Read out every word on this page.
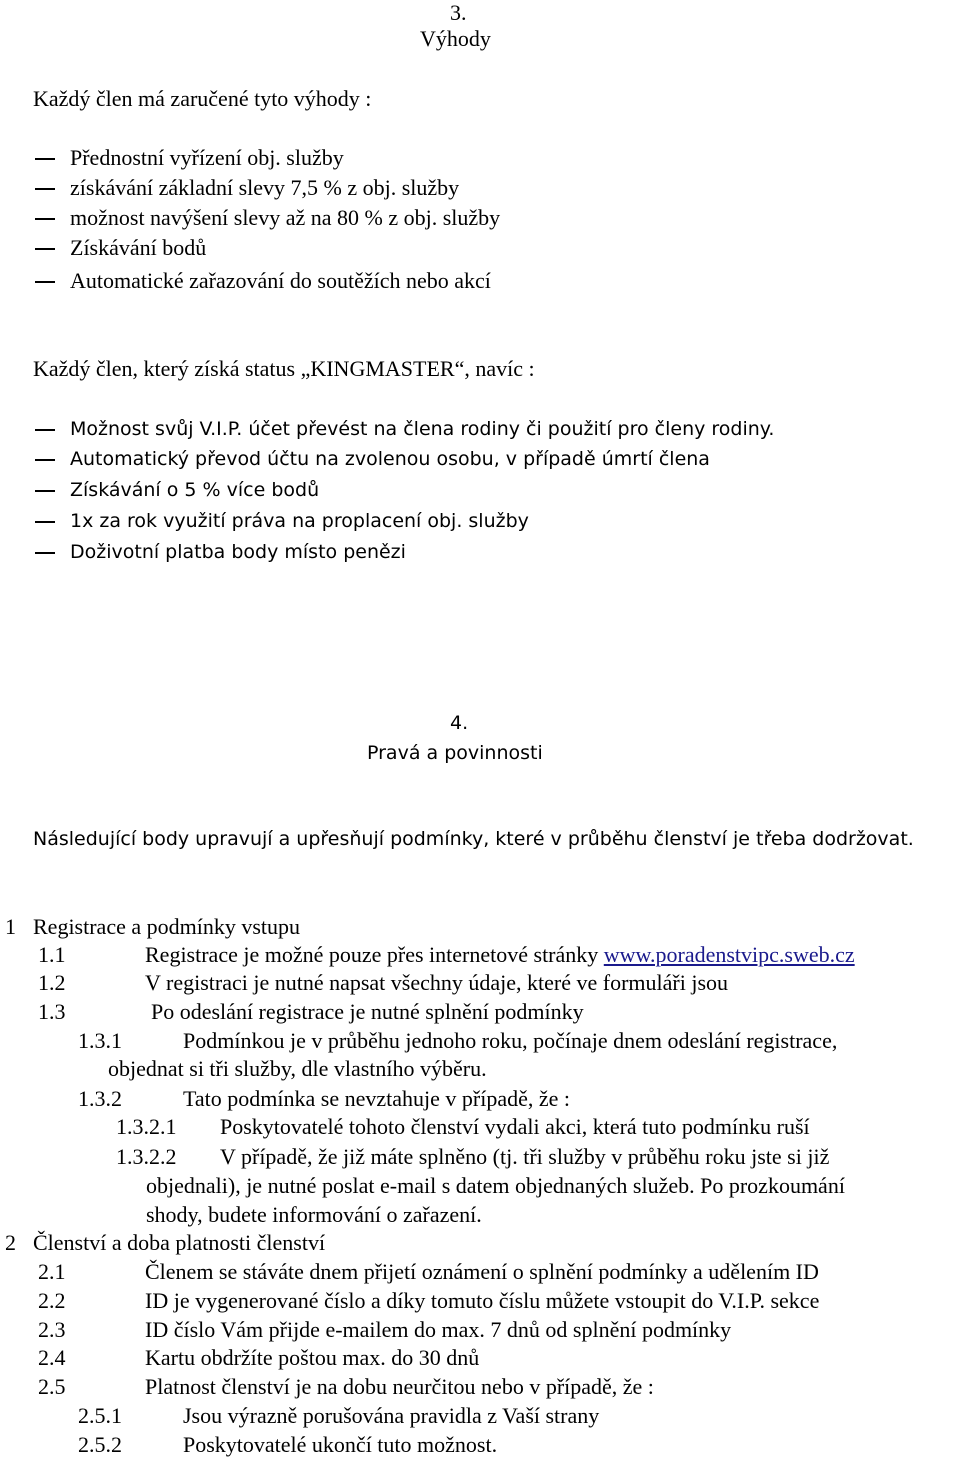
3.
Výhody
Každý člen má zaručené tyto výhody :
Přednostní vyřízení obj. služby
získávání základní slevy 7,5 % z obj. služby
možnost navýšení slevy až na 80 % z obj. služby
Získávání bodů
Automatické zařazování do soutěžích nebo akcí
Každý člen, který získá status „KINGMASTER“, navíc :
Možnost svůj V.I.P. účet převést na člena rodiny či použití pro členy rodiny.
Automatický převod účtu na zvolenou osobu, v případě úmrtí člena
Získávání o 5 % více bodů
1x za rok využití práva na proplacení obj. služby
Doživotní platba body místo penězi
4.
Pravá a povinnosti
Následující body upravují a upřesňují podmínky, které v průběhu členství je třeba dodržovat.
1 Registrace a podmínky vstupu
1.1	Registrace je možné pouze přes internetové stránky www.poradenstvipc.sweb.cz
1.2	V registraci je nutné napsat všechny údaje, které ve formuláři jsou
1.3	Po odeslání registrace je nutné splnění podmínky
1.3.1	Podmínkou je v průběhu jednoho roku, počínaje dnem odeslání registrace,
objednat si tři služby, dle vlastního výběru.
1.3.2	Tato podmínka se nevztahuje v případě, že :
1.3.2.1 Poskytovatelé tohoto členství vydali akci, která tuto podmínku ruší
1.3.2.2 V případě, že již máte splněno (tj. tři služby v průběhu roku jste si již
objednali), je nutné poslat e-mail s datem objednaných služeb. Po prozkoumání
shody, budete informování o zařazení.
2 Členství a doba platnosti členství
2.1	Členem se stáváte dnem přijetí oznámení o splnění podmínky a udělením ID
2.2	ID je vygenerované číslo a díky tomuto číslu můžete vstoupit do V.I.P. sekce
2.3	ID číslo Vám přijde e-mailem do max. 7 dnů od splnění podmínky
2.4	Kartu obdržíte poštou max. do 30 dnů
2.5	Platnost členství je na dobu neurčitou nebo v případě, že :
2.5.1	Jsou výrazně porušována pravidla z Vaší strany
2.5.2	Poskytovatelé ukončí tuto možnost.
